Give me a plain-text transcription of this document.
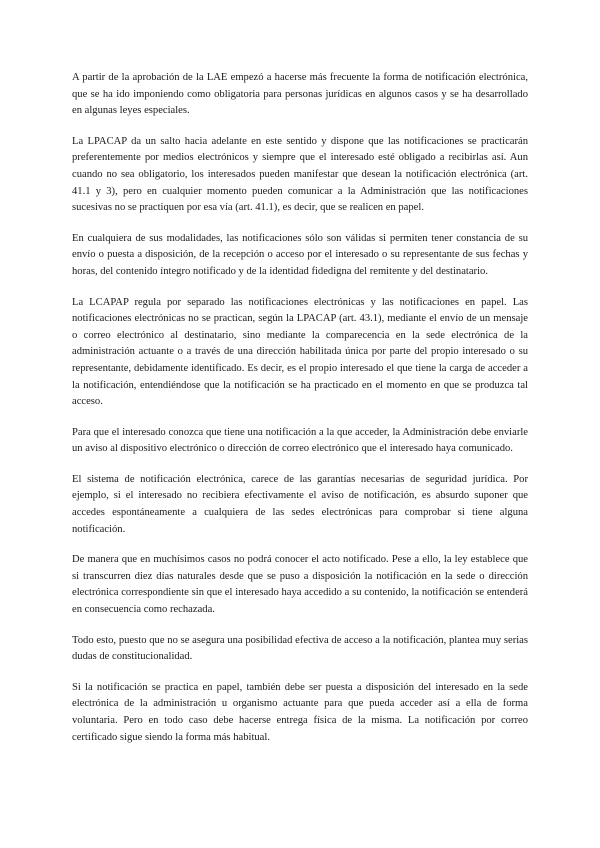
A partir de la aprobación de la LAE empezó a hacerse más frecuente la forma de notificación electrónica, que se ha ido imponiendo como obligatoria para personas jurídicas en algunos casos y se ha desarrollado en algunas leyes especiales.

La LPACAP da un salto hacia adelante en este sentido y dispone que las notificaciones se practicarán preferentemente por medios electrónicos y siempre que el interesado esté obligado a recibirlas así. Aun cuando no sea obligatorio, los interesados pueden manifestar que desean la notificación electrónica (art. 41.1 y 3), pero en cualquier momento pueden comunicar a la Administración que las notificaciones sucesivas no se practiquen por esa vía (art. 41.1), es decir, que se realicen en papel.

En cualquiera de sus modalidades, las notificaciones sólo son válidas si permiten tener constancia de su envío o puesta a disposición, de la recepción o acceso por el interesado o su representante de sus fechas y horas, del contenido íntegro notificado y de la identidad fidedigna del remitente y del destinatario.

La LCAPAP regula por separado las notificaciones electrónicas y las notificaciones en papel. Las notificaciones electrónicas no se practican, según la LPACAP (art. 43.1), mediante el envío de un mensaje o correo electrónico al destinatario, sino mediante la comparecencia en la sede electrónica de la administración actuante o a través de una dirección habilitada única por parte del propio interesado o su representante, debidamente identificado. Es decir, es el propio interesado el que tiene la carga de acceder a la notificación, entendiéndose que la notificación se ha practicado en el momento en que se produzca tal acceso.

Para que el interesado conozca que tiene una notificación a la que acceder, la Administración debe enviarle un aviso al dispositivo electrónico o dirección de correo electrónico que el interesado haya comunicado.

El sistema de notificación electrónica, carece de las garantías necesarias de seguridad jurídica. Por ejemplo, si el interesado no recibiera efectivamente el aviso de notificación, es absurdo suponer que accedes espontáneamente a cualquiera de las sedes electrónicas para comprobar si tiene alguna notificación.

De manera que en muchísimos casos no podrá conocer el acto notificado. Pese a ello, la ley establece que si transcurren diez días naturales desde que se puso a disposición la notificación en la sede o dirección electrónica correspondiente sin que el interesado haya accedido a su contenido, la notificación se entenderá en consecuencia como rechazada.

Todo esto, puesto que no se asegura una posibilidad efectiva de acceso a la notificación, plantea muy serias dudas de constitucionalidad.

Si la notificación se practica en papel, también debe ser puesta a disposición del interesado en la sede electrónica de la administración u organismo actuante para que pueda acceder así a ella de forma voluntaria. Pero en todo caso debe hacerse entrega física de la misma. La notificación por correo certificado sigue siendo la forma más habitual.
